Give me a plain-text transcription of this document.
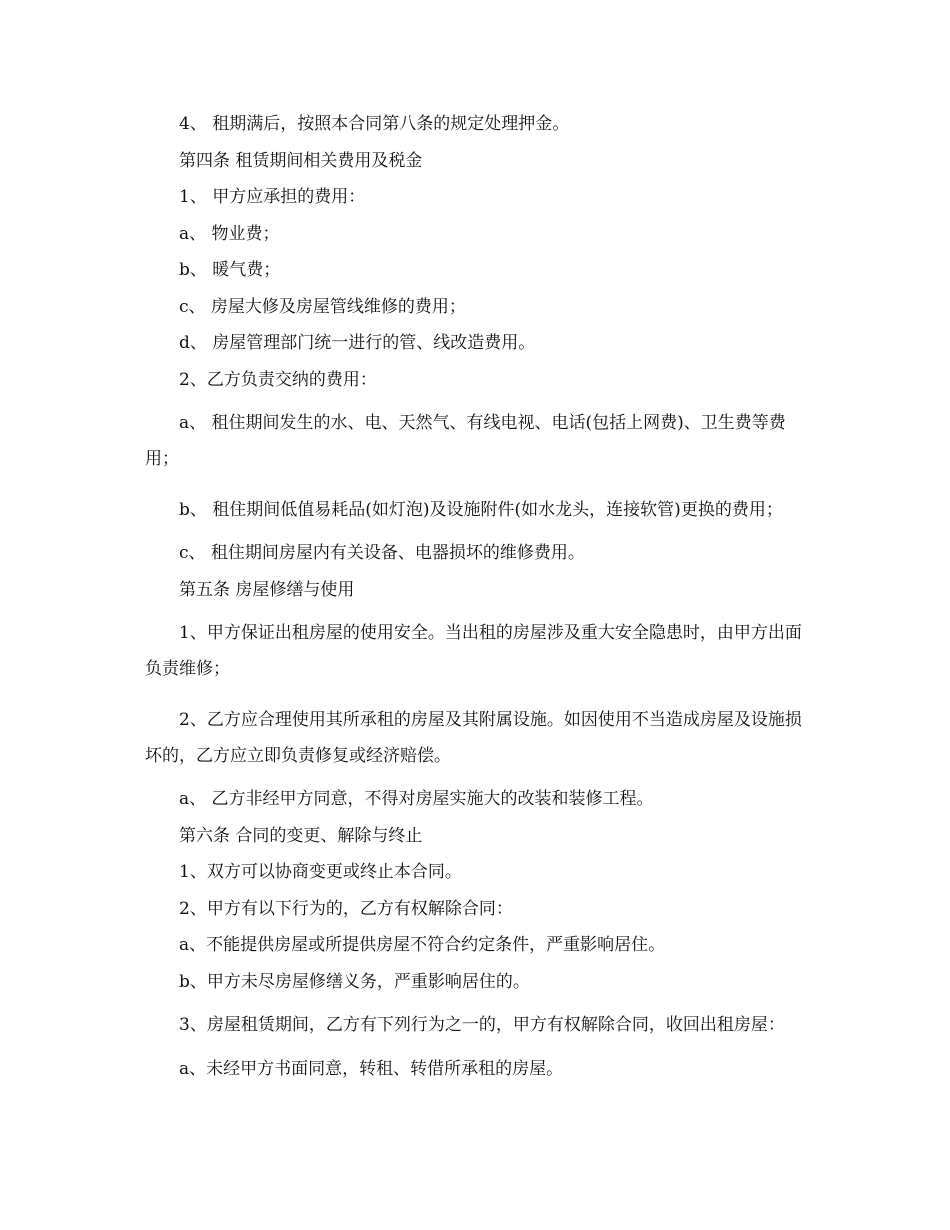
4、 租期满后，按照本合同第八条的规定处理押金。

第四条 租赁期间相关费用及税金

1、 甲方应承担的费用：

a、 物业费；

b、 暖气费；

c、 房屋大修及房屋管线维修的费用；

d、 房屋管理部门统一进行的管、线改造费用。

2、乙方负责交纳的费用：

a、 租住期间发生的水、电、天然气、有线电视、电话(包括上网费)、卫生费等费用；

b、 租住期间低值易耗品(如灯泡)及设施附件(如水龙头，连接软管)更换的费用；

c、 租住期间房屋内有关设备、电器损坏的维修费用。

第五条 房屋修缮与使用

1、甲方保证出租房屋的使用安全。当出租的房屋涉及重大安全隐患时，由甲方出面负责维修；

2、乙方应合理使用其所承租的房屋及其附属设施。如因使用不当造成房屋及设施损坏的，乙方应立即负责修复或经济赔偿。

a、 乙方非经甲方同意，不得对房屋实施大的改装和装修工程。

第六条 合同的变更、解除与终止

1、双方可以协商变更或终止本合同。

2、甲方有以下行为的，乙方有权解除合同：

a、不能提供房屋或所提供房屋不符合约定条件，严重影响居住。

b、甲方未尽房屋修缮义务，严重影响居住的。

3、房屋租赁期间，乙方有下列行为之一的，甲方有权解除合同，收回出租房屋：

a、未经甲方书面同意，转租、转借所承租的房屋。
